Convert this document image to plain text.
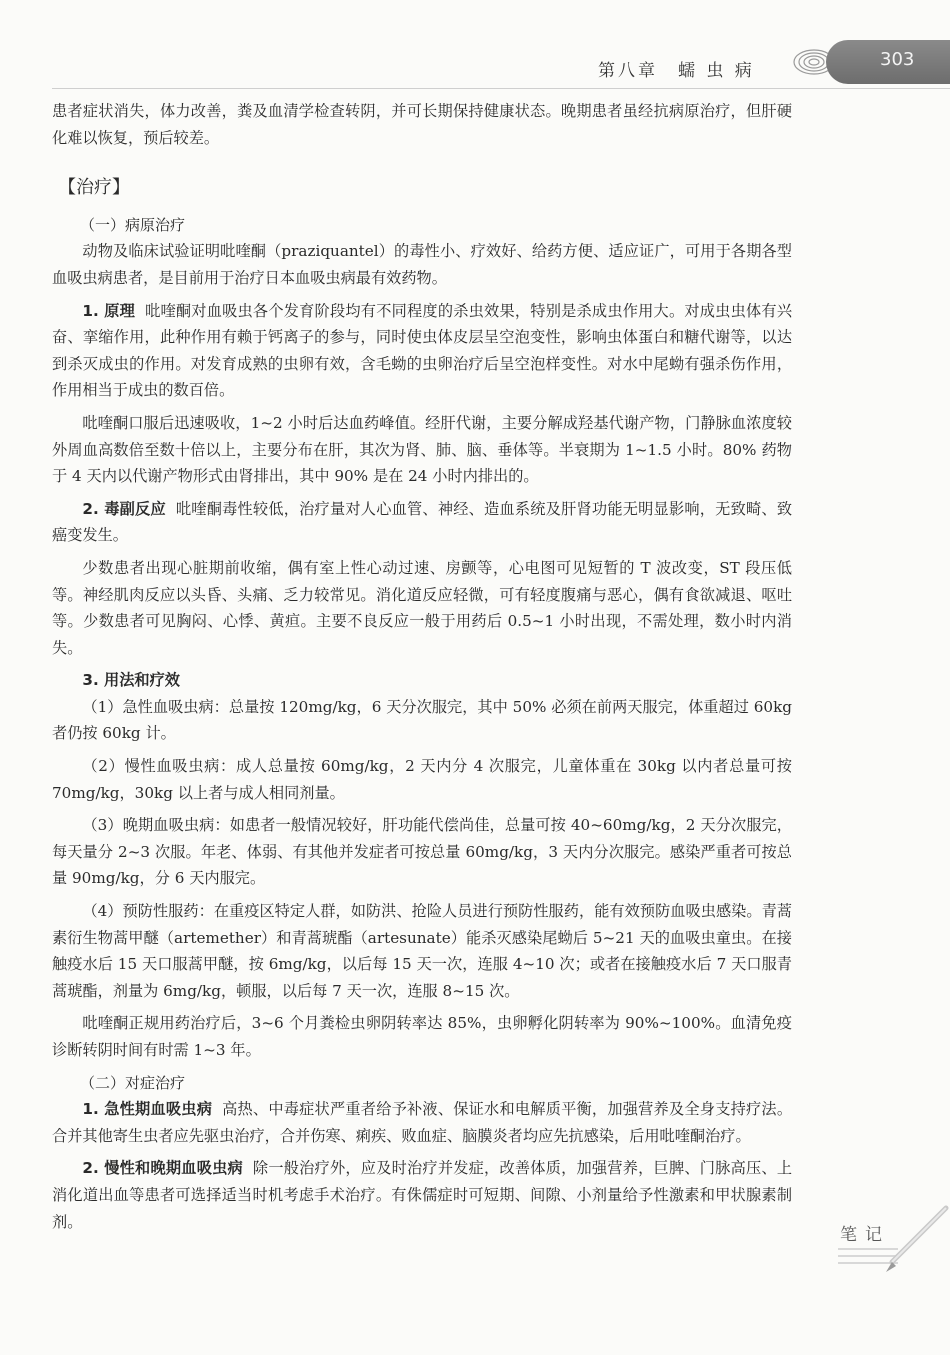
第八章　蠕 虫 病
303

患者症状消失，体力改善，粪及血清学检查转阴，并可长期保持健康状态。晚期患者虽经抗病原治疗，但肝硬化难以恢复，预后较差。

【治疗】
（一）病原治疗

动物及临床试验证明吡喹酮（praziquantel）的毒性小、疗效好、给药方便、适应证广，可用于各期各型血吸虫病患者，是目前用于治疗日本血吸虫病最有效药物。

1. 原理 吡喹酮对血吸虫各个发育阶段均有不同程度的杀虫效果，特别是杀成虫作用大。对成虫虫体有兴奋、挛缩作用，此种作用有赖于钙离子的参与，同时使虫体皮层呈空泡变性，影响虫体蛋白和糖代谢等，以达到杀灭成虫的作用。对发育成熟的虫卵有效，含毛蚴的虫卵治疗后呈空泡样变性。对水中尾蚴有强杀伤作用，作用相当于成虫的数百倍。

吡喹酮口服后迅速吸收，1~2 小时后达血药峰值。经肝代谢，主要分解成羟基代谢产物，门静脉血浓度较外周血高数倍至数十倍以上，主要分布在肝，其次为肾、肺、脑、垂体等。半衰期为 1~1.5 小时。80% 药物于 4 天内以代谢产物形式由肾排出，其中 90% 是在 24 小时内排出的。

2. 毒副反应 吡喹酮毒性较低，治疗量对人心血管、神经、造血系统及肝肾功能无明显影响，无致畸、致癌变发生。

少数患者出现心脏期前收缩，偶有室上性心动过速、房颤等，心电图可见短暂的 T 波改变，ST 段压低等。神经肌肉反应以头昏、头痛、乏力较常见。消化道反应轻微，可有轻度腹痛与恶心，偶有食欲减退、呕吐等。少数患者可见胸闷、心悸、黄疸。主要不良反应一般于用药后 0.5~1 小时出现，不需处理，数小时内消失。

3. 用法和疗效

（1）急性血吸虫病：总量按 120mg/kg，6 天分次服完，其中 50% 必须在前两天服完，体重超过 60kg 者仍按 60kg 计。

（2）慢性血吸虫病：成人总量按 60mg/kg，2 天内分 4 次服完，儿童体重在 30kg 以内者总量可按 70mg/kg，30kg 以上者与成人相同剂量。

（3）晚期血吸虫病：如患者一般情况较好，肝功能代偿尚佳，总量可按 40~60mg/kg，2 天分次服完，每天量分 2~3 次服。年老、体弱、有其他并发症者可按总量 60mg/kg，3 天内分次服完。感染严重者可按总量 90mg/kg，分 6 天内服完。

（4）预防性服药：在重疫区特定人群，如防洪、抢险人员进行预防性服药，能有效预防血吸虫感染。青蒿素衍生物蒿甲醚（artemether）和青蒿琥酯（artesunate）能杀灭感染尾蚴后 5~21 天的血吸虫童虫。在接触疫水后 15 天口服蒿甲醚，按 6mg/kg，以后每 15 天一次，连服 4~10 次；或者在接触疫水后 7 天口服青蒿琥酯，剂量为 6mg/kg，顿服，以后每 7 天一次，连服 8~15 次。

吡喹酮正规用药治疗后，3~6 个月粪检虫卵阴转率达 85%，虫卵孵化阴转率为 90%~100%。血清免疫诊断转阴时间有时需 1~3 年。

（二）对症治疗

1. 急性期血吸虫病 高热、中毒症状严重者给予补液、保证水和电解质平衡，加强营养及全身支持疗法。合并其他寄生虫者应先驱虫治疗，合并伤寒、痢疾、败血症、脑膜炎者均应先抗感染，后用吡喹酮治疗。

2. 慢性和晚期血吸虫病 除一般治疗外，应及时治疗并发症，改善体质，加强营养，巨脾、门脉高压、上消化道出血等患者可选择适当时机考虑手术治疗。有侏儒症时可短期、间隙、小剂量给予性激素和甲状腺素制剂。

笔记
